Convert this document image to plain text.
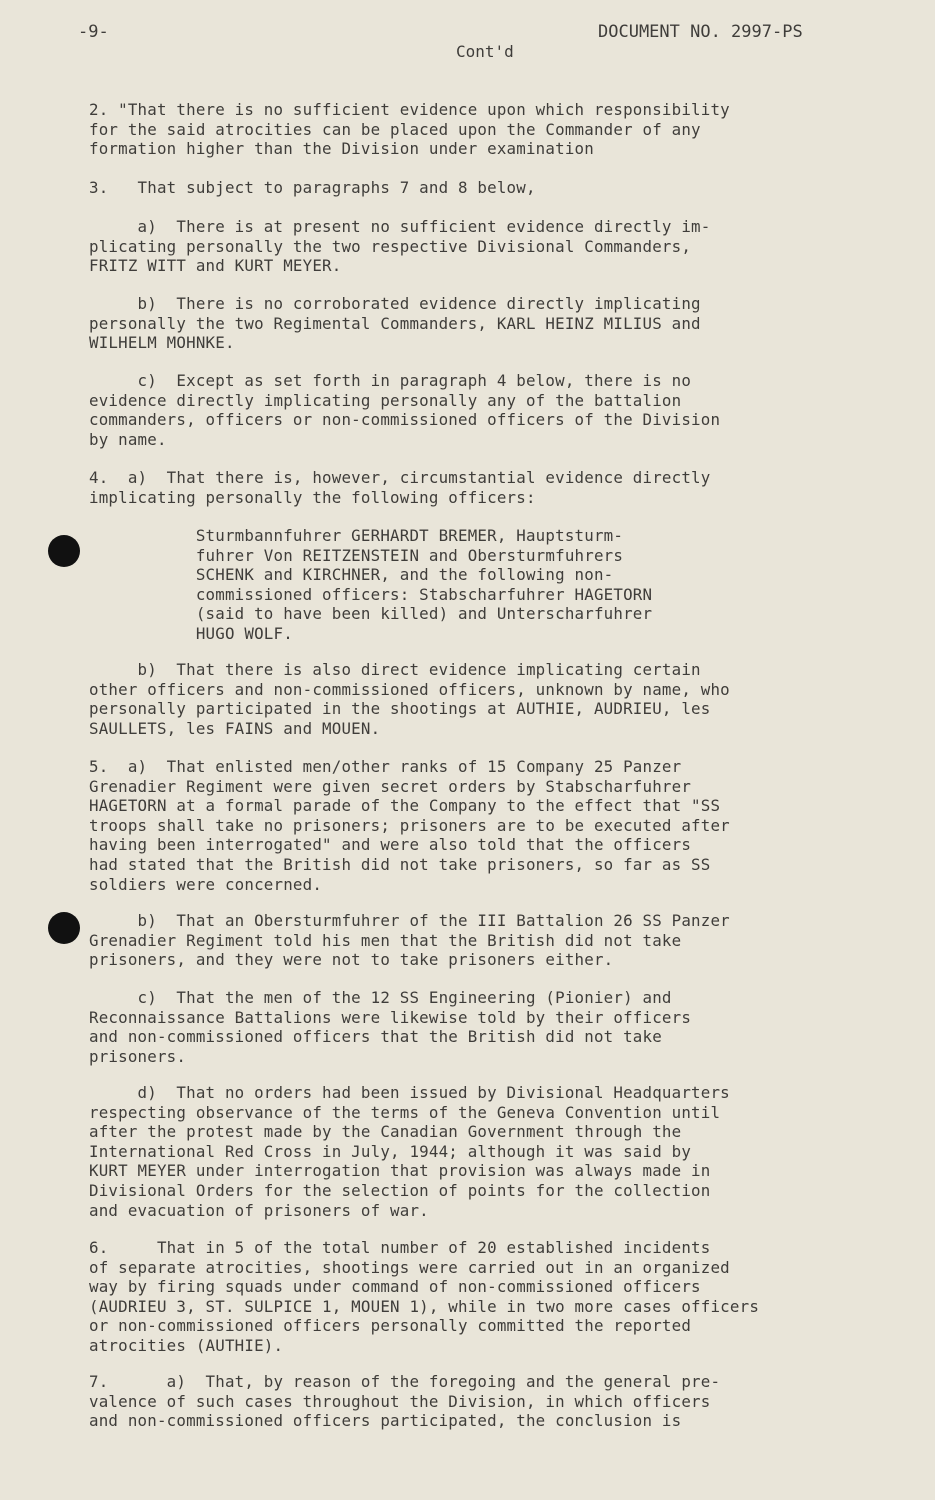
-9-	DOCUMENT NO. 2997-PS
Cont'd
2. "That there is no sufficient evidence upon which responsibility
for the said atrocities can be placed upon the Commander of any
formation higher than the Division under examination
3.   That subject to paragraphs 7 and 8 below,
a)  There is at present no sufficient evidence directly im-
plicating personally the two respective Divisional Commanders,
FRITZ WITT and KURT MEYER.
b)  There is no corroborated evidence directly implicating
personally the two Regimental Commanders, KARL HEINZ MILIUS and
WILHELM MOHNKE.
c)  Except as set forth in paragraph 4 below, there is no
evidence directly implicating personally any of the battalion
commanders, officers or non-commissioned officers of the Division
by name.
4.  a)  That there is, however, circumstantial evidence directly
implicating personally the following officers:
Sturmbannfuhrer GERHARDT BREMER, Hauptsturm-
fuhrer Von REITZENSTEIN and Obersturmfuhrers
SCHENK and KIRCHNER, and the following non-
commissioned officers: Stabscharfuhrer HAGETORN
(said to have been killed) and Unterscharfuhrer
HUGO WOLF.
b)  That there is also direct evidence implicating certain
other officers and non-commissioned officers, unknown by name, who
personally participated in the shootings at AUTHIE, AUDRIEU, les
SAULLETS, les FAINS and MOUEN.
5.  a)  That enlisted men/other ranks of 15 Company 25 Panzer
Grenadier Regiment were given secret orders by Stabscharfuhrer
HAGETORN at a formal parade of the Company to the effect that "SS
troops shall take no prisoners; prisoners are to be executed after
having been interrogated" and were also told that the officers
had stated that the British did not take prisoners, so far as SS
soldiers were concerned.
b)  That an Obersturmfuhrer of the III Battalion 26 SS Panzer
Grenadier Regiment told his men that the British did not take
prisoners, and they were not to take prisoners either.
c)  That the men of the 12 SS Engineering (Pionier) and
Reconnaissance Battalions were likewise told by their officers
and non-commissioned officers that the British did not take
prisoners.
d)  That no orders had been issued by Divisional Headquarters
respecting observance of the terms of the Geneva Convention until
after the protest made by the Canadian Government through the
International Red Cross in July, 1944; although it was said by
KURT MEYER under interrogation that provision was always made in
Divisional Orders for the selection of points for the collection
and evacuation of prisoners of war.
6.     That in 5 of the total number of 20 established incidents
of separate atrocities, shootings were carried out in an organized
way by firing squads under command of non-commissioned officers
(AUDRIEU 3, ST. SULPICE 1, MOUEN 1), while in two more cases officers
or non-commissioned officers personally committed the reported
atrocities (AUTHIE).
7.      a)  That, by reason of the foregoing and the general pre-
valence of such cases throughout the Division, in which officers
and non-commissioned officers participated, the conclusion is
